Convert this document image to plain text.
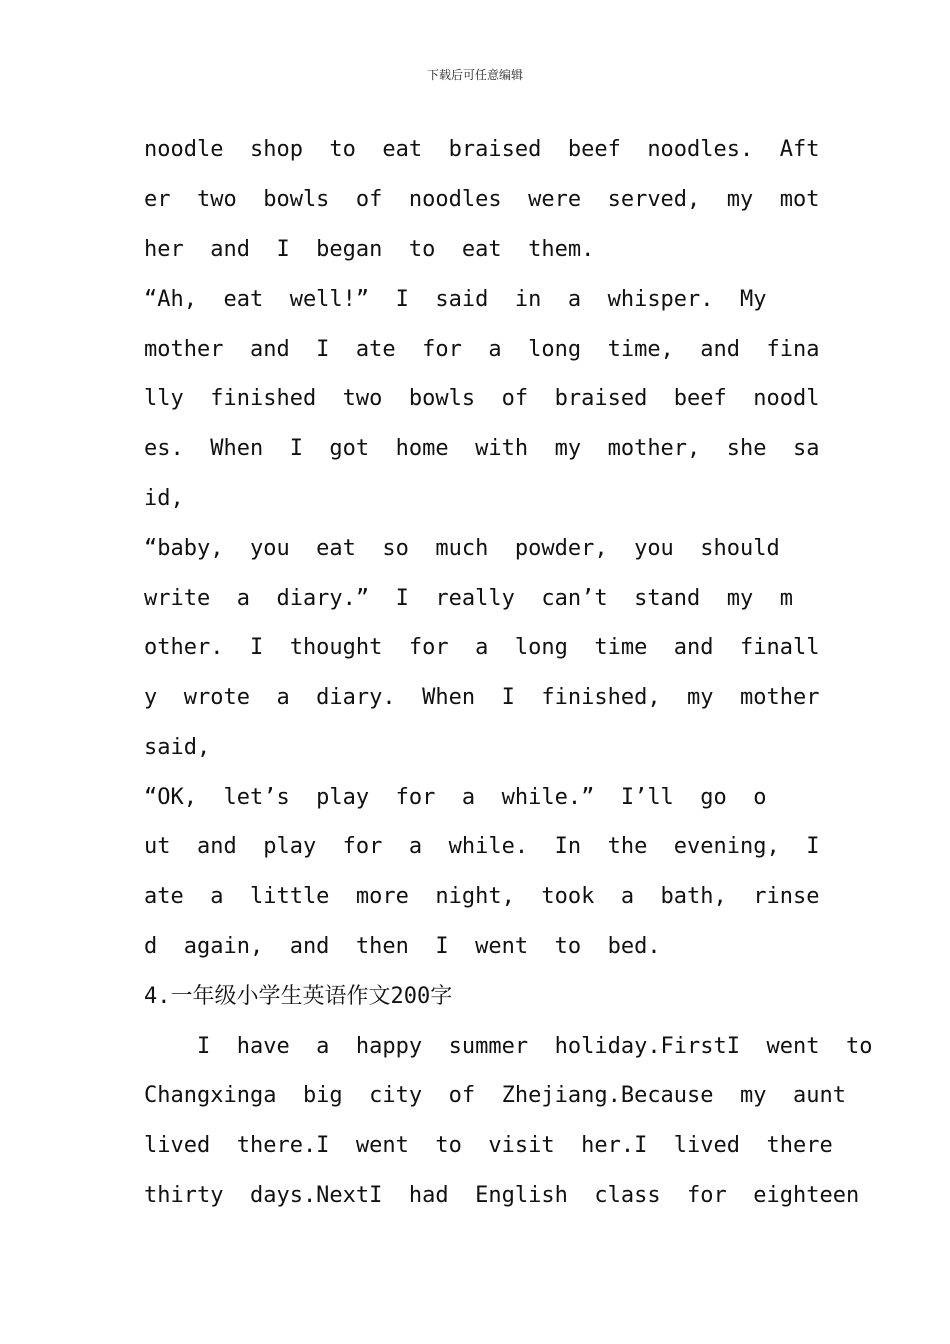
下载后可任意编辑
noodle  shop  to  eat  braised  beef  noodles.  Aft
er  two  bowls  of  noodles  were  served,  my  mot
her  and  I  began  to  eat  them.
“Ah,  eat  well!”  I  said  in  a  whisper.  My
mother  and  I  ate  for  a  long  time,  and  fina
lly  finished  two  bowls  of  braised  beef  noodl
es.  When  I  got  home  with  my  mother,  she  sa
id,
“baby,  you  eat  so  much  powder,  you  should
write  a  diary.”  I  really  can’t  stand  my  m
other.  I  thought  for  a  long  time  and  finall
y  wrote  a  diary.  When  I  finished,  my  mother
said,
“OK,  let’s  play  for  a  while.”  I’ll  go  o
ut  and  play  for  a  while.  In  the  evening,  I
ate  a  little  more  night,  took  a  bath,  rinse
d  again,  and  then  I  went  to  bed.
4.一年级小学生英语作文200字
I  have  a  happy  summer  holiday.FirstI  went  to
Changxinga  big  city  of  Zhejiang.Because  my  aunt
lived  there.I  went  to  visit  her.I  lived  there
thirty  days.NextI  had  English  class  for  eighteen
